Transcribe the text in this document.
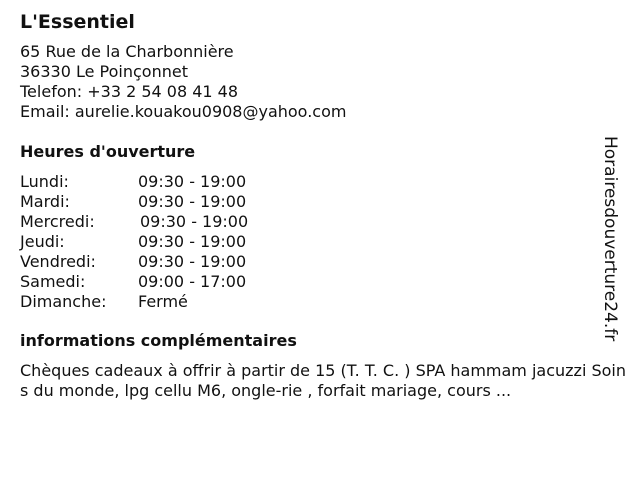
L'Essentiel
65 Rue de la Charbonnière
36330 Le Poinçonnet
Telefon: +33 2 54 08 41 48
Email: aurelie.kouakou0908@yahoo.com
Heures d'ouverture
Lundi:	09:30 - 19:00
Mardi:	09:30 - 19:00
Mercredi:	09:30 - 19:00
Jeudi:	09:30 - 19:00
Vendredi:	09:30 - 19:00
Samedi:	09:00 - 17:00
Dimanche:	Fermé
informations complémentaires
Chèques cadeaux à offrir à partir de 15 (T. T. C. ) SPA hammam jacuzzi Soins du monde, lpg cellu M6, ongle-rie , forfait mariage, cours ...
Horairesdouverture24.fr
